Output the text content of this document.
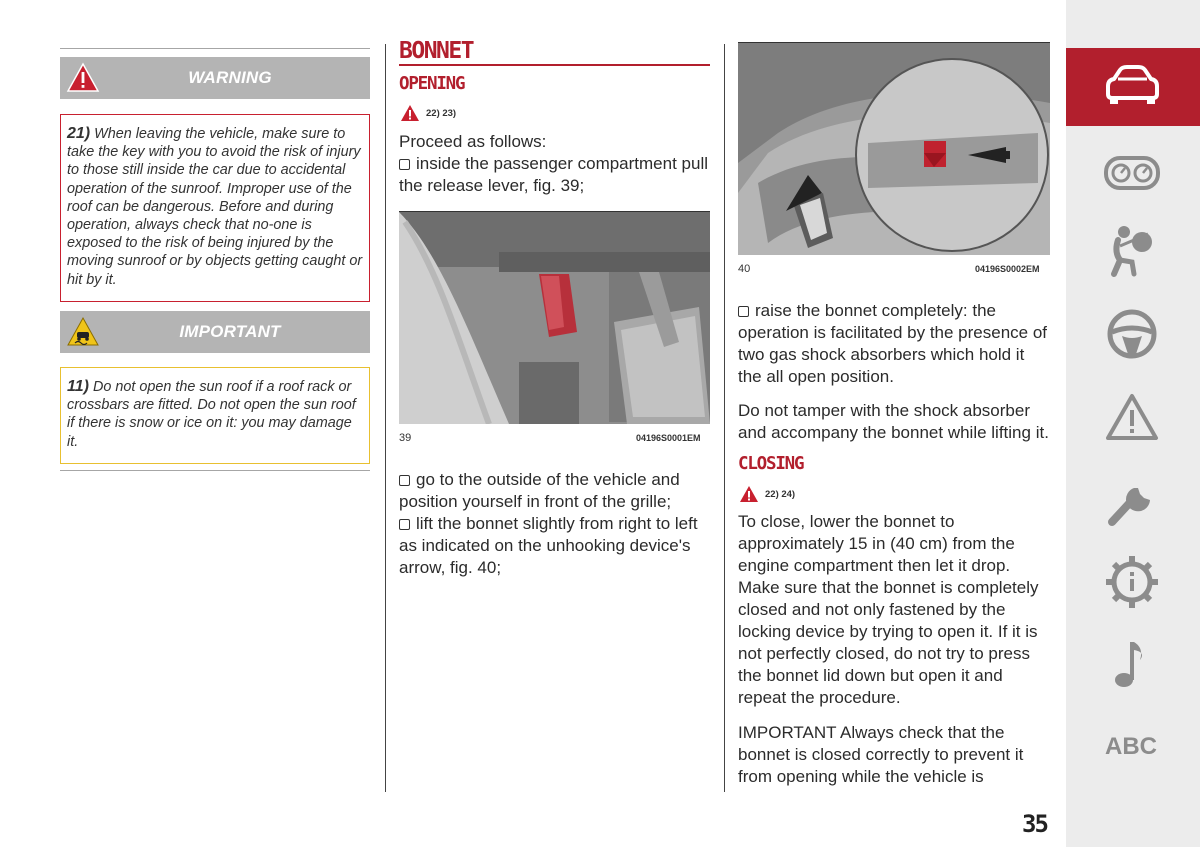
WARNING

21) When leaving the vehicle, make sure to take the key with you to avoid the risk of injury to those still inside the car due to accidental operation of the sunroof. Improper use of the roof can be dangerous. Before and during operation, always check that no-one is exposed to the risk of being injured by the moving sunroof or by objects getting caught or hit by it.

IMPORTANT

11) Do not open the sun roof if a roof rack or crossbars are fitted. Do not open the sun roof if there is snow or ice on it: you may damage it.

BONNET
OPENING
22) 23)

Proceed as follows:

inside the passenger compartment pull the release lever, fig. 39;

39	04196S0001EM

go to the outside of the vehicle and position yourself in front of the grille;

lift the bonnet slightly from right to left as indicated on the unhooking device's arrow, fig. 40;

40	04196S0002EM

raise the bonnet completely: the operation is facilitated by the presence of two gas shock absorbers which hold it the all open position.

Do not tamper with the shock absorber and accompany the bonnet while lifting it.

CLOSING
22) 24)

To close, lower the bonnet to approximately 15 in (40 cm) from the engine compartment then let it drop. Make sure that the bonnet is completely closed and not only fastened by the locking device by trying to open it. If it is not perfectly closed, do not try to press the bonnet lid down but open it and repeat the procedure.

IMPORTANT Always check that the bonnet is closed correctly to prevent it from opening while the vehicle is

35
ABC
